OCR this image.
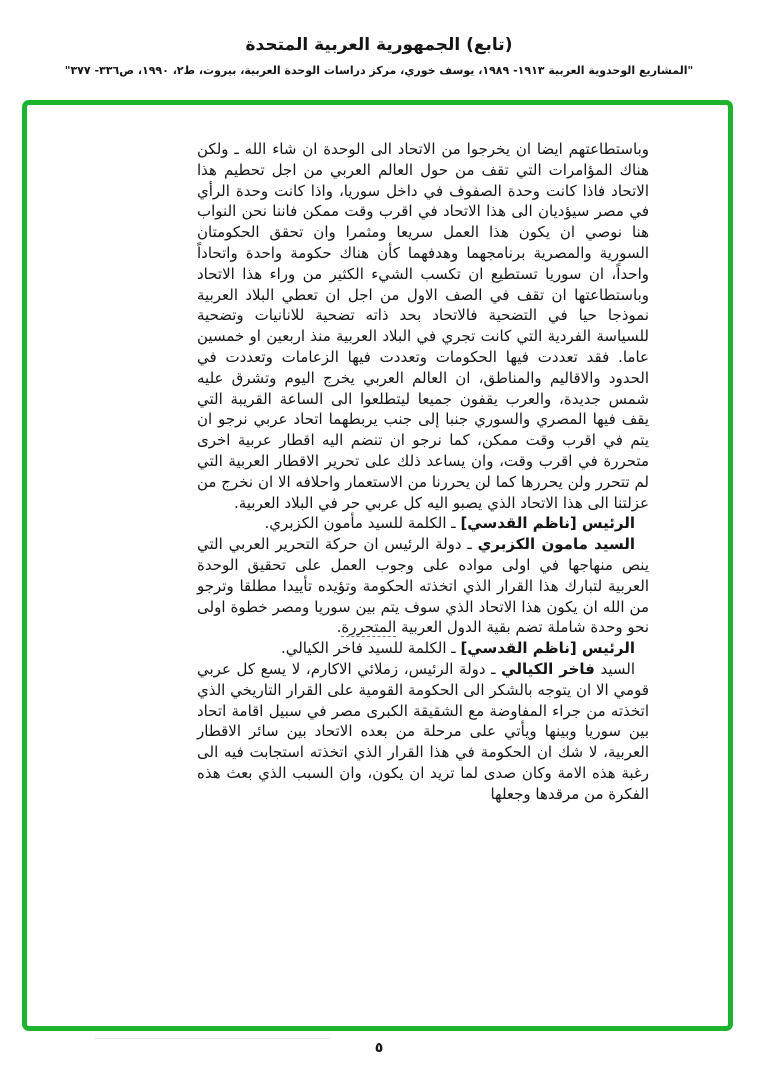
(تابع) الجمهورية العربية المتحدة
"المشاريع الوحدوية العربية ١٩١٣- ١٩٨٩، يوسف خوري، مركز دراسات الوحدة العربية، بيروت، ط٢، ١٩٩٠، ص٣٣٦- ٣٧٧"

وباستطاعتهم ايضا ان يخرجوا من الاتحاد الى الوحدة ان شاء الله ـ ولكن هناك المؤامرات التي تقف من حول العالم العربي من اجل تحطيم هذا الاتحاد فاذا كانت وحدة الصفوف في داخل سوريا، واذا كانت وحدة الرأي في مصر سيؤديان الى هذا الاتحاد في اقرب وقت ممكن فاننا نحن النواب هنا نوصي ان يكون هذا العمل سريعا ومثمرا وان تحقق الحكومتان السورية والمصرية برنامجهما وهدفهما كأن هناك حكومة واحدة واتحاداً واحداً، ان سوريا تستطيع ان تكسب الشيء الكثير من وراء هذا الاتحاد وباستطاعتها ان تقف في الصف الاول من اجل ان تعطي البلاد العربية نموذجا حيا في التضحية فالاتحاد بحد ذاته تضحية للانانيات وتضحية للسياسة الفردية التي كانت تجري في البلاد العربية منذ اربعين او خمسين عاما. فقد تعددت فيها الحكومات وتعددت فيها الزعامات وتعددت في الحدود والاقاليم والمناطق، ان العالم العربي يخرج اليوم وتشرق عليه شمس جديدة، والعرب يقفون جميعا ليتطلعوا الى الساعة القريبة التي يقف فيها المصري والسوري جنبا إلى جنب يربطهما اتحاد عربي نرجو ان يتم في اقرب وقت ممكن، كما نرجو ان تنضم اليه اقطار عربية اخرى متحررة في اقرب وقت، وان يساعد ذلك على تحرير الاقطار العربية التي لم تتحرر ولن يحررها كما لن يحررنا من الاستعمار واحلافه الا ان نخرج من عزلتنا الى هذا الاتحاد الذي يصبو اليه كل عربي حر في البلاد العربية.

الرئيس [ناظم القدسي] ـ الكلمة للسيد مأمون الكزبري.

السيد مامون الكزبري ـ دولة الرئيس ان حركة التحرير العربي التي ينص منهاجها في اولى مواده على وجوب العمل على تحقيق الوحدة العربية لتبارك هذا القرار الذي اتخذته الحكومة وتؤيده تأييدا مطلقا وترجو من الله ان يكون هذا الاتحاد الذي سوف يتم بين سوريا ومصر خطوة اولى نحو وحدة شاملة تضم بقية الدول العربية المتحررة.

الرئيس [ناظم القدسي] ـ الكلمة للسيد فاخر الكيالي.

السيد فاخر الكيالي ـ دولة الرئيس، زملائي الاكارم، لا يسع كل عربي قومي الا ان يتوجه بالشكر الى الحكومة القومية على القرار التاريخي الذي اتخذته من جراء المفاوضة مع الشقيقة الكبرى مصر في سبيل اقامة اتحاد بين سوريا وبينها ويأتي على مرحلة من بعده الاتحاد بين سائر الاقطار العربية، لا شك ان الحكومة في هذا القرار الذي اتخذته استجابت فيه الى رغبة هذه الامة وكان صدى لما تريد ان يكون، وان السبب الذي بعث هذه الفكرة من مرقدها وجعلها

٥
